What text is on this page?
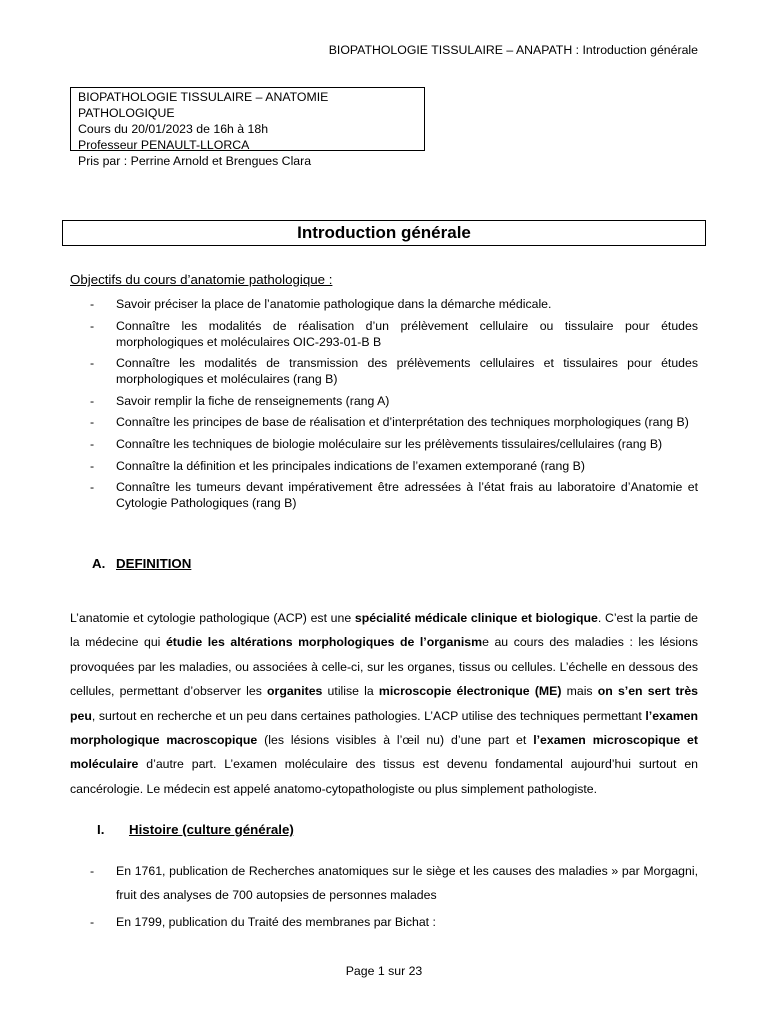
BIOPATHOLOGIE TISSULAIRE – ANAPATH : Introduction générale
BIOPATHOLOGIE TISSULAIRE – ANATOMIE PATHOLOGIQUE
Cours du 20/01/2023 de 16h à 18h
Professeur PENAULT-LLORCA
Pris par : Perrine Arnold et Brengues Clara
Introduction générale
Objectifs du cours d’anatomie pathologique :
- Savoir préciser la place de l’anatomie pathologique dans la démarche médicale.
- Connaître les modalités de réalisation d’un prélèvement cellulaire ou tissulaire pour études morphologiques et moléculaires OIC-293-01-B B
- Connaître les modalités de transmission des prélèvements cellulaires et tissulaires pour études morphologiques et moléculaires (rang B)
- Savoir remplir la fiche de renseignements (rang A)
- Connaître les principes de base de réalisation et d’interprétation des techniques morphologiques (rang B)
- Connaître les techniques de biologie moléculaire sur les prélèvements tissulaires/cellulaires (rang B)
- Connaître la définition et les principales indications de l’examen extemporané (rang B)
- Connaître les tumeurs devant impérativement être adressées à l’état frais au laboratoire d’Anatomie et Cytologie Pathologiques (rang B)
A. DEFINITION

L’anatomie et cytologie pathologique (ACP) est une spécialité médicale clinique et biologique. C’est la partie de la médecine qui étudie les altérations morphologiques de l’organisme au cours des maladies : les lésions provoquées par les maladies, ou associées à celle-ci, sur les organes, tissus ou cellules. L’échelle en dessous des cellules, permettant d’observer les organites utilise la microscopie électronique (ME) mais on s’en sert très peu, surtout en recherche et un peu dans certaines pathologies. L’ACP utilise des techniques permettant l’examen morphologique macroscopique (les lésions visibles à l’œil nu) d’une part et l’examen microscopique et moléculaire d’autre part. L’examen moléculaire des tissus est devenu fondamental aujourd’hui surtout en cancérologie. Le médecin est appelé anatomo-cytopathologiste ou plus simplement pathologiste.

I. Histoire (culture générale)
- En 1761, publication de Recherches anatomiques sur le siège et les causes des maladies » par Morgagni, fruit des analyses de 700 autopsies de personnes malades
- En 1799, publication du Traité des membranes par Bichat :
Page 1 sur 23
